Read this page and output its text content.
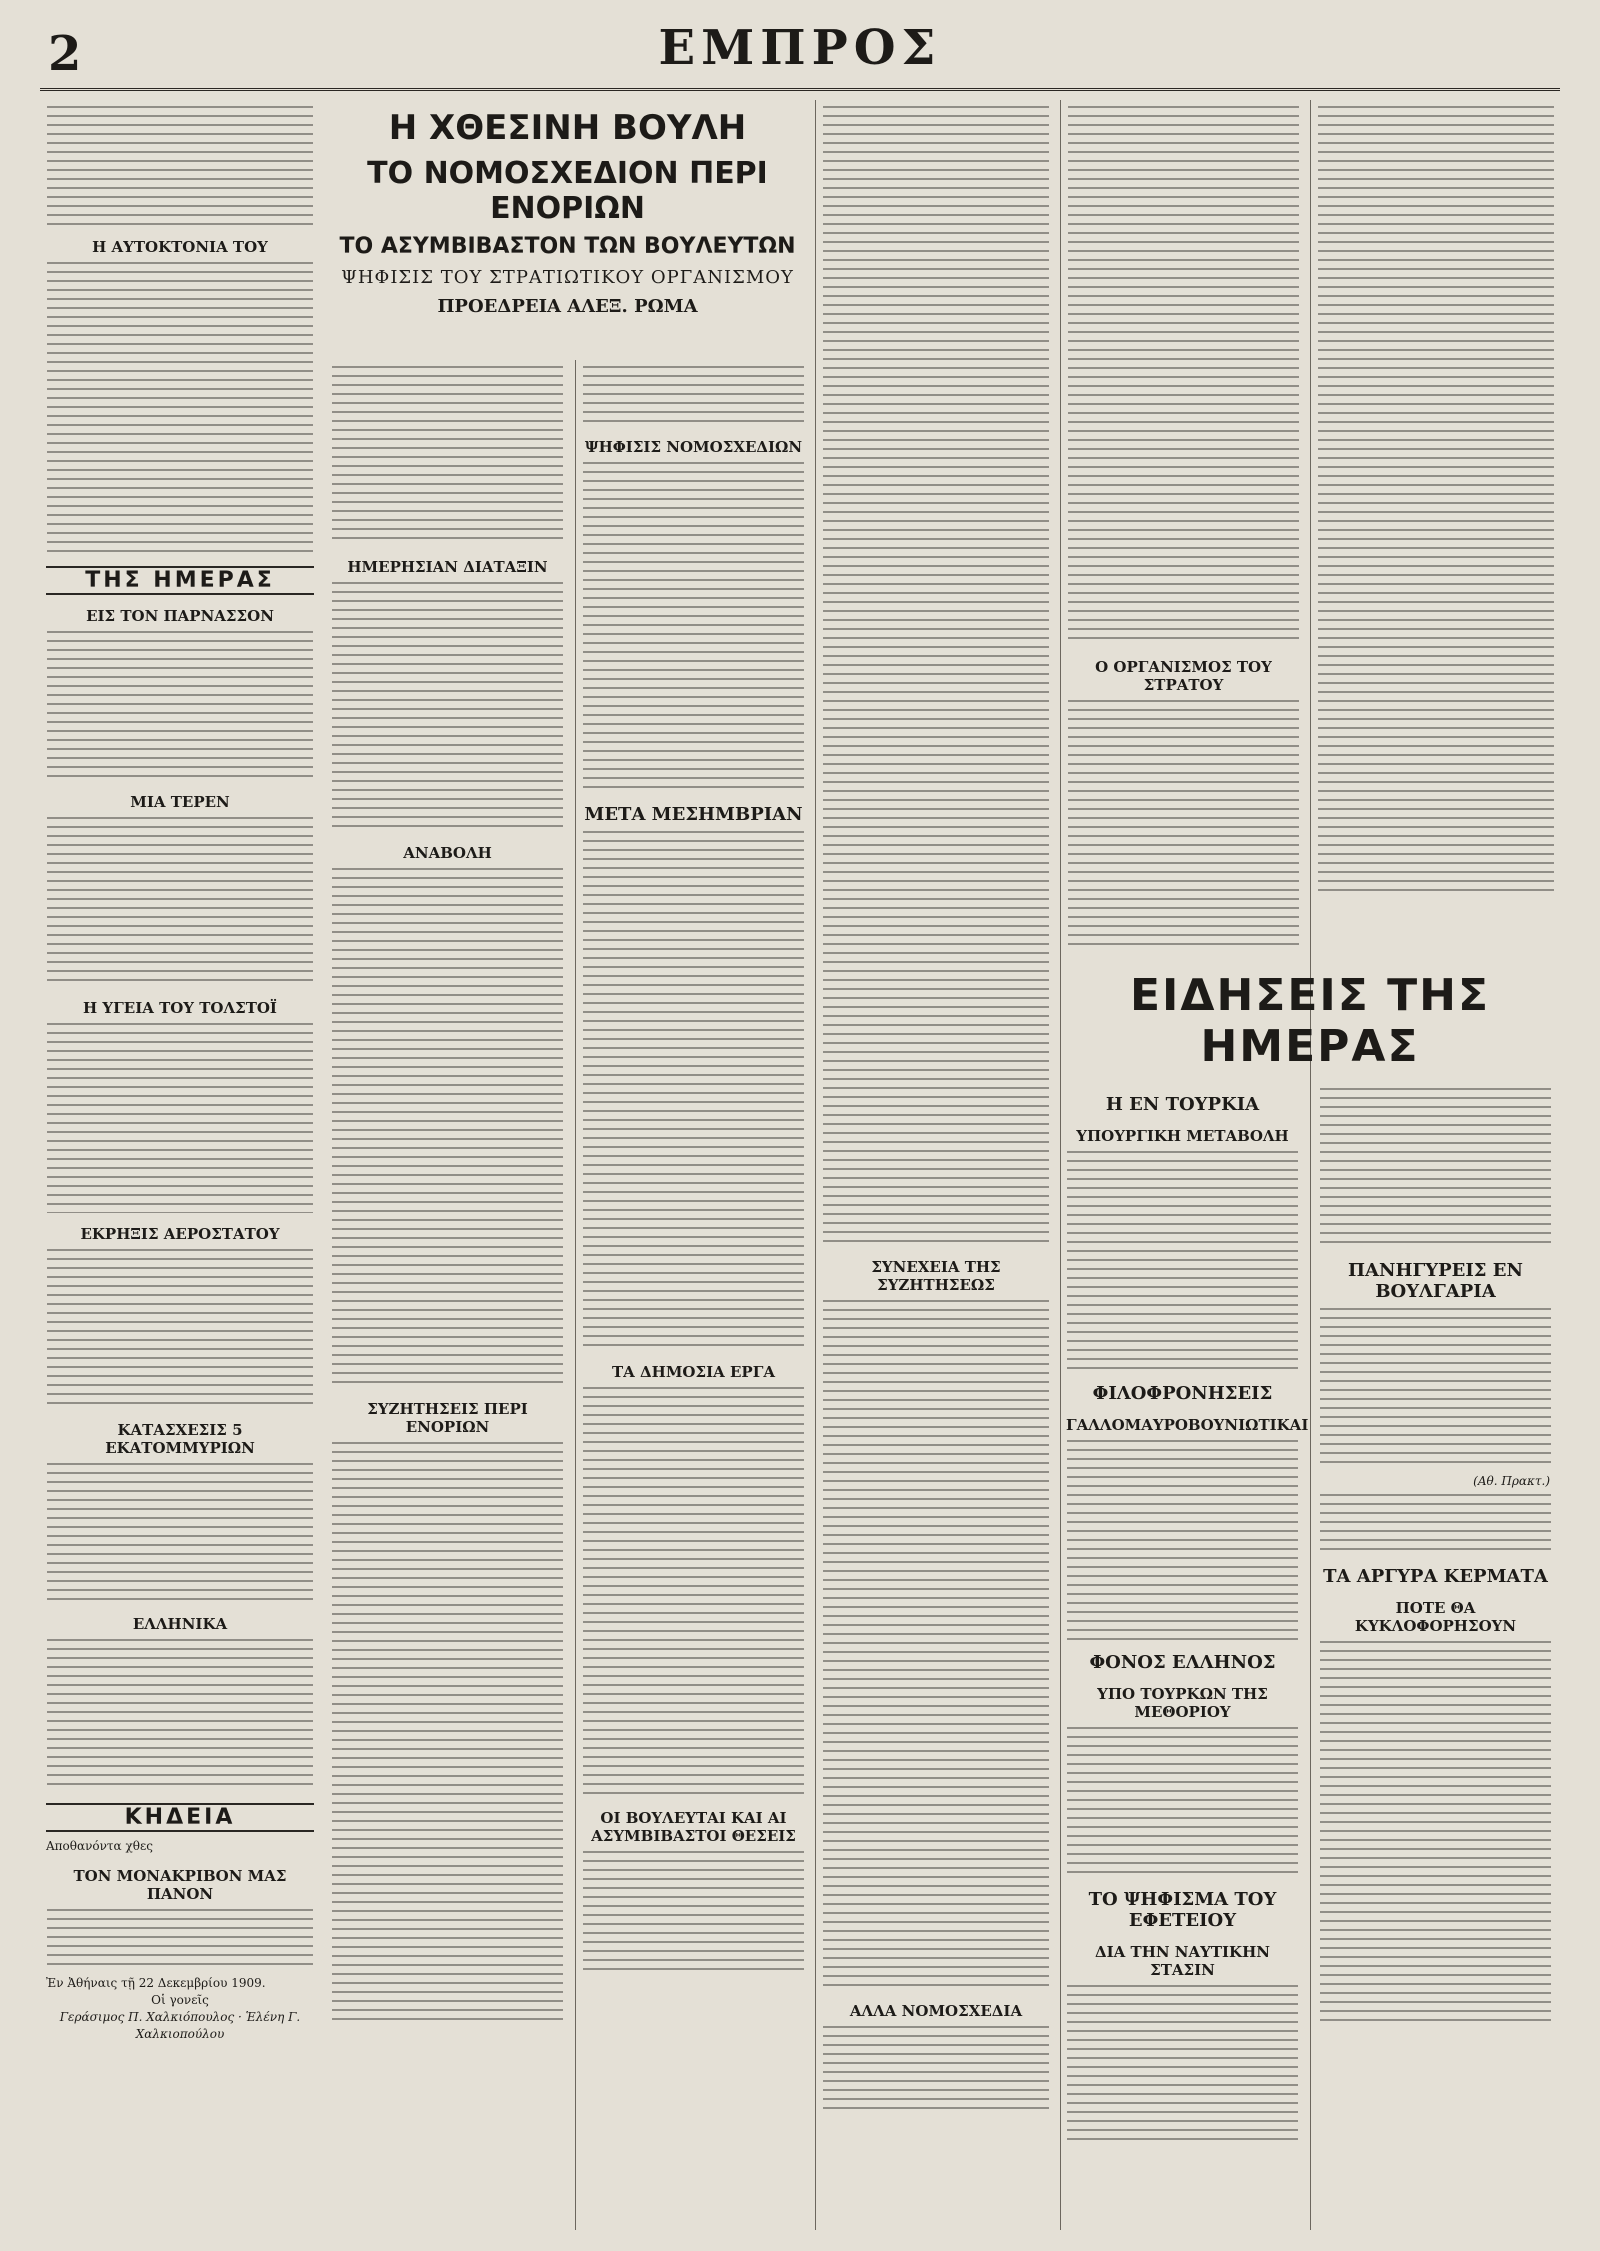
2	ΕΜΠΡΟΣ
Η ΑΥΤΟΚΤΟΝΙΑ ΤΟΥ
ΤΗΣ ΗΜΕΡΑΣ
ΕΙΣ ΤΟΝ ΠΑΡΝΑΣΣΟΝ
ΜΙΑ ΤΕΡΕΝ
Η ΥΓΕΙΑ ΤΟΥ ΤΟΛΣΤΟΪ
ΕΚΡΗΞΙΣ ΑΕΡΟΣΤΑΤΟΥ
ΚΑΤΑΣΧΕΣΙΣ 5 ΕΚΑΤΟΜΜΥΡΙΩΝ
ΕΛΛΗΝΙΚΑ
ΚΗΔΕΙΑ
Αποθανόντα χθες
ΤΟΝ ΜΟΝΑΚΡΙΒΟΝ ΜΑΣ ΠΑΝΟΝ
Ἐν Ἀθήναις τῇ 22 Δεκεμβρίου 1909.
Οἱ γονεῖς
Γεράσιμος Π. Χαλκιόπουλος · Ἑλένη Γ. Χαλκιοπούλου
Η ΧΘΕΣΙΝΗ ΒΟΥΛΗ
ΤΟ ΝΟΜΟΣΧΕΔΙΟΝ ΠΕΡΙ ΕΝΟΡΙΩΝ
ΤΟ ΑΣΥΜΒΙΒΑΣΤΟΝ ΤΩΝ ΒΟΥΛΕΥΤΩΝ
ΨΗΦΙΣΙΣ ΤΟΥ ΣΤΡΑΤΙΩΤΙΚΟΥ ΟΡΓΑΝΙΣΜΟΥ
ΠΡΟΕΔΡΕΙΑ ΑΛΕΞ. ΡΩΜΑ
ΗΜΕΡΗΣΙΑΝ ΔΙΑΤΑΞΙΝ
ΑΝΑΒΟΛΗ
ΣΥΖΗΤΗΣΕΙΣ ΠΕΡΙ ΕΝΟΡΙΩΝ
ΨΗΦΙΣΙΣ ΝΟΜΟΣΧΕΔΙΩΝ
ΜΕΤΑ ΜΕΣΗΜΒΡΙΑΝ
ΤΑ ΔΗΜΟΣΙΑ ΕΡΓΑ
ΟΙ ΒΟΥΛΕΥΤΑΙ ΚΑΙ ΑΙ ΑΣΥΜΒΙΒΑΣΤΟΙ ΘΕΣΕΙΣ
ΣΥΝΕΧΕΙΑ ΤΗΣ ΣΥΖΗΤΗΣΕΩΣ
ΑΛΛΑ ΝΟΜΟΣΧΕΔΙΑ
Ο ΟΡΓΑΝΙΣΜΟΣ ΤΟΥ ΣΤΡΑΤΟΥ
ΕΙΔΗΣΕΙΣ ΤΗΣ ΗΜΕΡΑΣ
Η ΕΝ ΤΟΥΡΚΙΑ
ΥΠΟΥΡΓΙΚΗ ΜΕΤΑΒΟΛΗ
ΦΙΛΟΦΡΟΝΗΣΕΙΣ
ΓΑΛΛΟΜΑΥΡΟΒΟΥΝΙΩΤΙΚΑΙ
ΦΟΝΟΣ ΕΛΛΗΝΟΣ
ΥΠΟ ΤΟΥΡΚΩΝ ΤΗΣ ΜΕΘΟΡΙΟΥ
ΤΟ ΨΗΦΙΣΜΑ ΤΟΥ ΕΦΕΤΕΙΟΥ
ΔΙΑ ΤΗΝ ΝΑΥΤΙΚΗΝ ΣΤΑΣΙΝ
ΠΑΝΗΓΥΡΕΙΣ ΕΝ ΒΟΥΛΓΑΡΙΑ
(Αθ. Πρακτ.)
ΤΑ ΑΡΓΥΡΑ ΚΕΡΜΑΤΑ
ΠΟΤΕ ΘΑ ΚΥΚΛΟΦΟΡΗΣΟΥΝ
